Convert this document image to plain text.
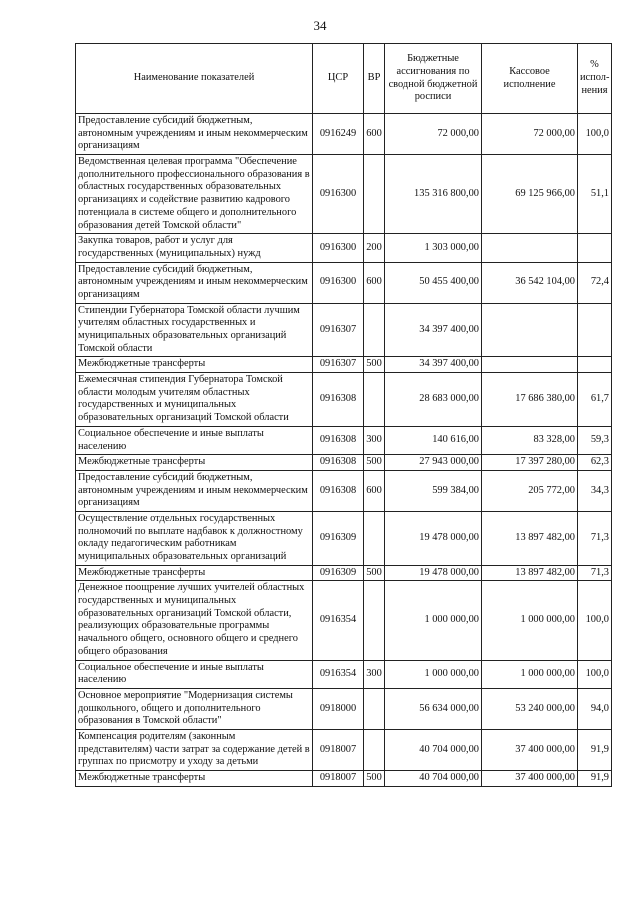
34
Наименование показателей	ЦСР	ВР	Бюджетные ассигнования по сводной бюджетной росписи	Кассовое исполнение	% испол-нения
Предоставление субсидий бюджетным, автономным учреждениям и иным некоммерческим организациям	0916249	600	72 000,00	72 000,00	100,0
Ведомственная целевая программа "Обеспечение дополнительного профессионального образования в областных государственных образовательных организациях и содействие развитию кадрового потенциала в системе общего и дополнительного образования детей Томской области"	0916300		135 316 800,00	69 125 966,00	51,1
Закупка товаров, работ и услуг для государственных (муниципальных) нужд	0916300	200	1 303 000,00		
Предоставление субсидий бюджетным, автономным учреждениям и иным некоммерческим организациям	0916300	600	50 455 400,00	36 542 104,00	72,4
Стипендии Губернатора Томской области лучшим учителям областных государственных и муниципальных образовательных организаций Томской области	0916307		34 397 400,00		
Межбюджетные трансферты	0916307	500	34 397 400,00		
Ежемесячная стипендия Губернатора Томской области молодым учителям областных государственных и муниципальных образовательных организаций Томской области	0916308		28 683 000,00	17 686 380,00	61,7
Социальное обеспечение и иные выплаты населению	0916308	300	140 616,00	83 328,00	59,3
Межбюджетные трансферты	0916308	500	27 943 000,00	17 397 280,00	62,3
Предоставление субсидий бюджетным, автономным учреждениям и иным некоммерческим организациям	0916308	600	599 384,00	205 772,00	34,3
Осуществление отдельных государственных полномочий по выплате надбавок к должностному окладу педагогическим работникам муниципальных образовательных организаций	0916309		19 478 000,00	13 897 482,00	71,3
Межбюджетные трансферты	0916309	500	19 478 000,00	13 897 482,00	71,3
Денежное поощрение лучших учителей областных государственных и муниципальных образовательных организаций Томской области, реализующих образовательные программы начального общего, основного общего и среднего общего образования	0916354		1 000 000,00	1 000 000,00	100,0
Социальное обеспечение и иные выплаты населению	0916354	300	1 000 000,00	1 000 000,00	100,0
Основное мероприятие "Модернизация системы дошкольного, общего и дополнительного образования в Томской области"	0918000		56 634 000,00	53 240 000,00	94,0
Компенсация родителям (законным представителям) части затрат за содержание детей в группах по присмотру и уходу за детьми	0918007		40 704 000,00	37 400 000,00	91,9
Межбюджетные трансферты	0918007	500	40 704 000,00	37 400 000,00	91,9
